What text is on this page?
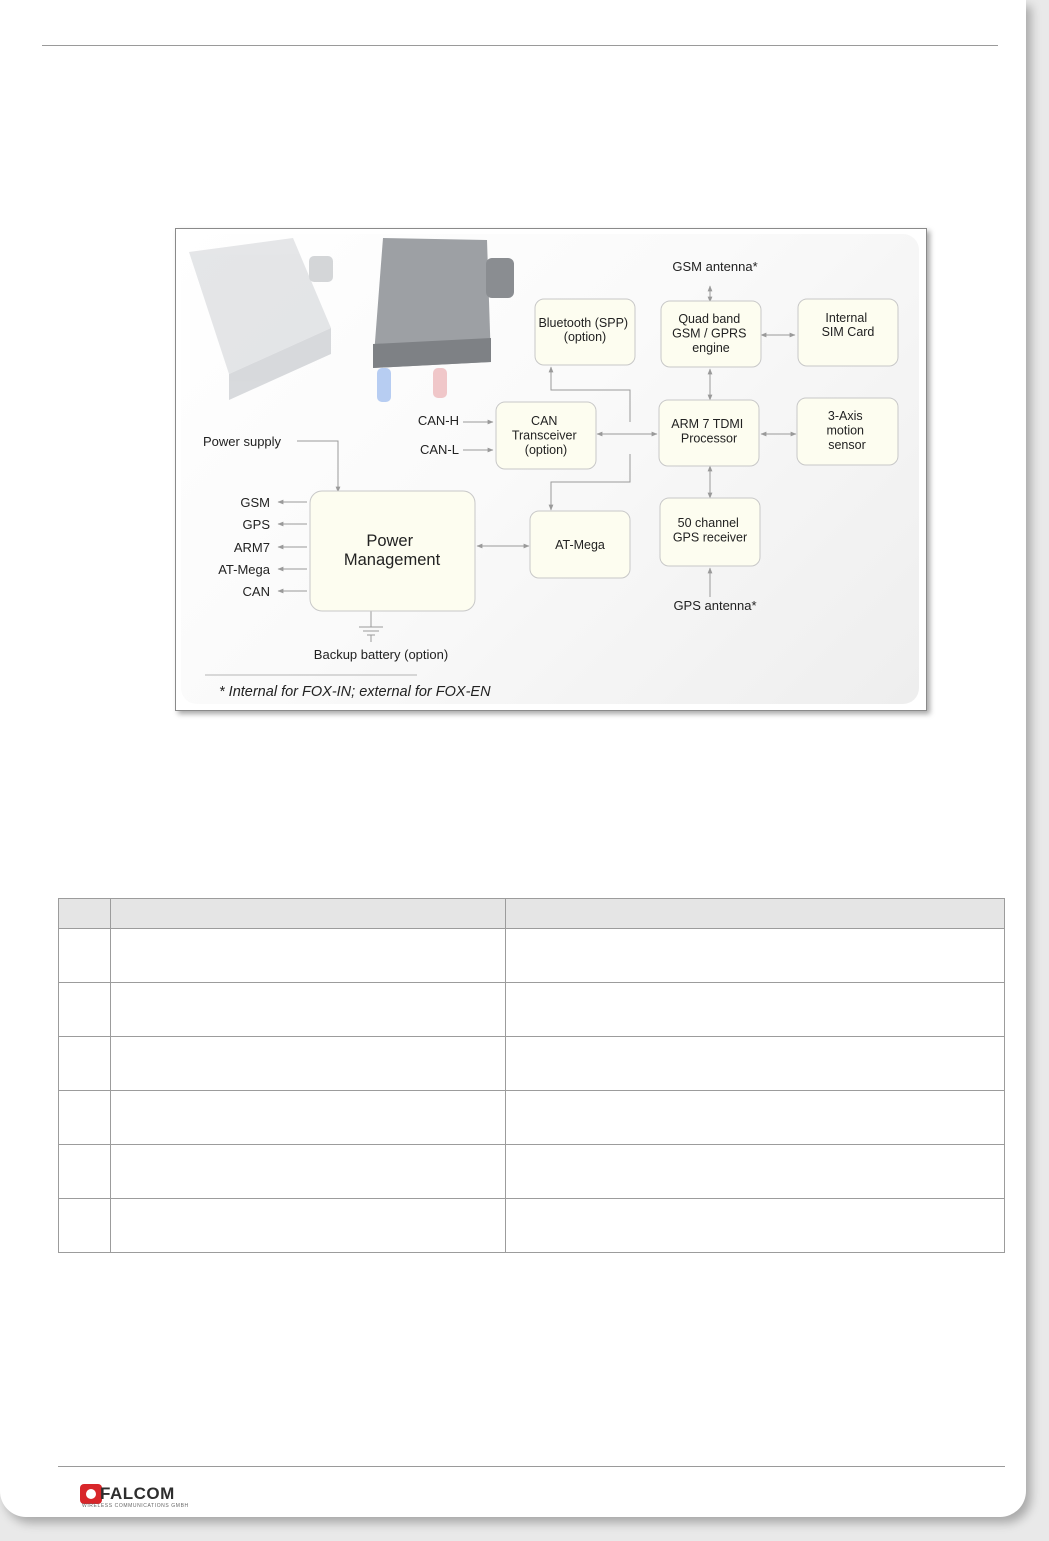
Bluetooth (SPP) (option)
Quad band GSM / GPRS engine
Internal SIM Card
CAN Transceiver (option)
ARM 7 TDMI Processor
3-Axis motion sensor
Power Management
AT-Mega
50 channel GPS receiver
GSM antenna*
GPS antenna*
CAN-H
CAN-L
Power supply
Backup battery (option)
GSM
GPS
ARM7
AT-Mega
CAN
* Internal for FOX-IN; external for FOX-EN

FALCOM
WIRELESS COMMUNICATIONS GMBH
